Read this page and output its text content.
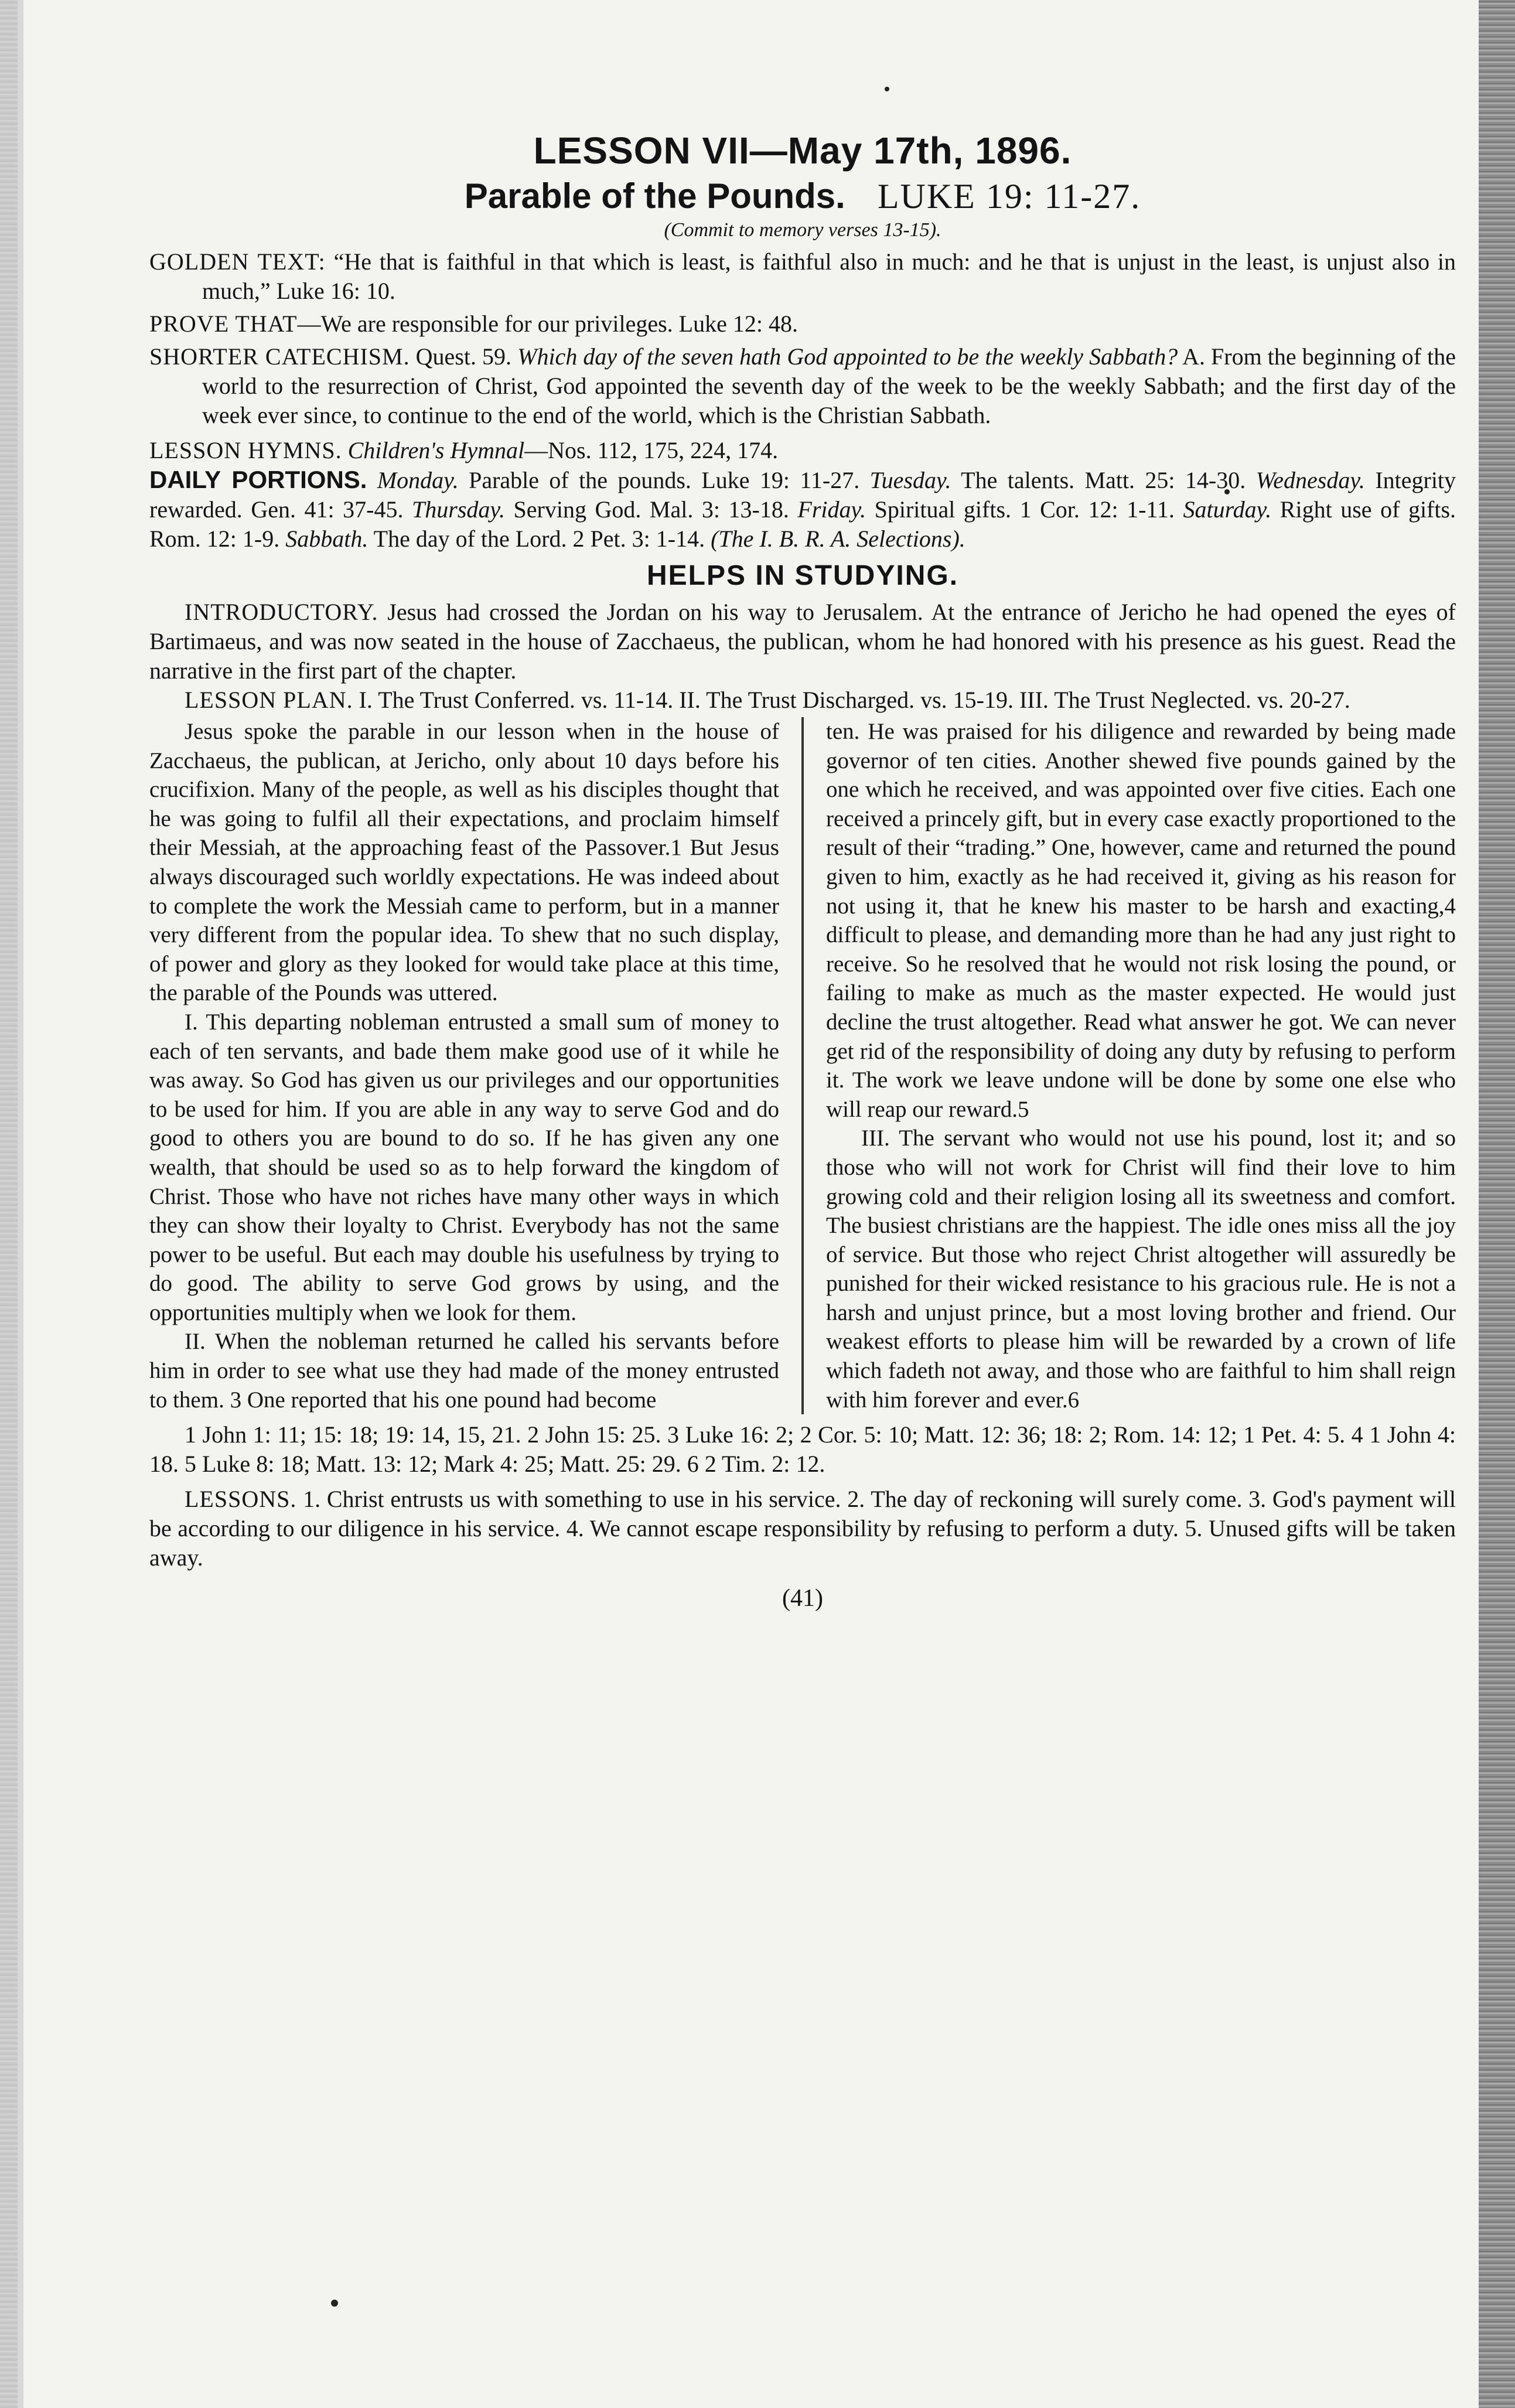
LESSON VII—May 17th, 1896.
Parable of the Pounds. LUKE 19: 11-27.
(Commit to memory verses 13-15).

GOLDEN TEXT: “He that is faithful in that which is least, is faithful also in much: and he that is unjust in the least, is unjust also in much,” Luke 16: 10.

PROVE THAT—We are responsible for our privileges. Luke 12: 48.

SHORTER CATECHISM. Quest. 59. Which day of the seven hath God appointed to be the weekly Sabbath? A. From the beginning of the world to the resurrection of Christ, God appointed the seventh day of the week to be the weekly Sabbath; and the first day of the week ever since, to continue to the end of the world, which is the Christian Sabbath.

LESSON HYMNS. Children's Hymnal—Nos. 112, 175, 224, 174.

DAILY PORTIONS. Monday. Parable of the pounds. Luke 19: 11-27. Tuesday. The talents. Matt. 25: 14-30. Wednesday. Integrity rewarded. Gen. 41: 37-45. Thursday. Serving God. Mal. 3: 13-18. Friday. Spiritual gifts. 1 Cor. 12: 1-11. Saturday. Right use of gifts. Rom. 12: 1-9. Sabbath. The day of the Lord. 2 Pet. 3: 1-14. (The I. B. R. A. Selections).

HELPS IN STUDYING.

INTRODUCTORY. Jesus had crossed the Jordan on his way to Jerusalem. At the entrance of Jericho he had opened the eyes of Bartimaeus, and was now seated in the house of Zacchaeus, the publican, whom he had honored with his presence as his guest. Read the narrative in the first part of the chapter.

LESSON PLAN. I. The Trust Conferred. vs. 11-14. II. The Trust Discharged. vs. 15-19. III. The Trust Neglected. vs. 20-27.

Jesus spoke the parable in our lesson when in the house of Zacchaeus, the publican, at Jericho, only about 10 days before his crucifixion. Many of the people, as well as his disciples thought that he was going to fulfil all their expectations, and proclaim himself their Messiah, at the approaching feast of the Passover.1 But Jesus always discouraged such worldly expectations. He was indeed about to complete the work the Messiah came to perform, but in a manner very different from the popular idea. To shew that no such display, of power and glory as they looked for would take place at this time, the parable of the Pounds was uttered.

I. This departing nobleman entrusted a small sum of money to each of ten servants, and bade them make good use of it while he was away. So God has given us our privileges and our opportunities to be used for him. If you are able in any way to serve God and do good to others you are bound to do so. If he has given any one wealth, that should be used so as to help forward the kingdom of Christ. Those who have not riches have many other ways in which they can show their loyalty to Christ. Everybody has not the same power to be useful. But each may double his usefulness by trying to do good. The ability to serve God grows by using, and the opportunities multiply when we look for them.

II. When the nobleman returned he called his servants before him in order to see what use they had made of the money entrusted to them. 3 One reported that his one pound had become

ten. He was praised for his diligence and rewarded by being made governor of ten cities. Another shewed five pounds gained by the one which he received, and was appointed over five cities. Each one received a princely gift, but in every case exactly proportioned to the result of their “trading.” One, however, came and returned the pound given to him, exactly as he had received it, giving as his reason for not using it, that he knew his master to be harsh and exacting,4 difficult to please, and demanding more than he had any just right to receive. So he resolved that he would not risk losing the pound, or failing to make as much as the master expected. He would just decline the trust altogether. Read what answer he got. We can never get rid of the responsibility of doing any duty by refusing to perform it. The work we leave undone will be done by some one else who will reap our reward.5

III. The servant who would not use his pound, lost it; and so those who will not work for Christ will find their love to him growing cold and their religion losing all its sweetness and comfort. The busiest christians are the happiest. The idle ones miss all the joy of service. But those who reject Christ altogether will assuredly be punished for their wicked resistance to his gracious rule. He is not a harsh and unjust prince, but a most loving brother and friend. Our weakest efforts to please him will be rewarded by a crown of life which fadeth not away, and those who are faithful to him shall reign with him forever and ever.6

1 John 1: 11; 15: 18; 19: 14, 15, 21. 2 John 15: 25. 3 Luke 16: 2; 2 Cor. 5: 10; Matt. 12: 36; 18: 2; Rom. 14: 12; 1 Pet. 4: 5. 4 1 John 4: 18. 5 Luke 8: 18; Matt. 13: 12; Mark 4: 25; Matt. 25: 29. 6 2 Tim. 2: 12.

LESSONS. 1. Christ entrusts us with something to use in his service. 2. The day of reckoning will surely come. 3. God's payment will be according to our diligence in his service. 4. We cannot escape responsibility by refusing to perform a duty. 5. Unused gifts will be taken away.

(41)
